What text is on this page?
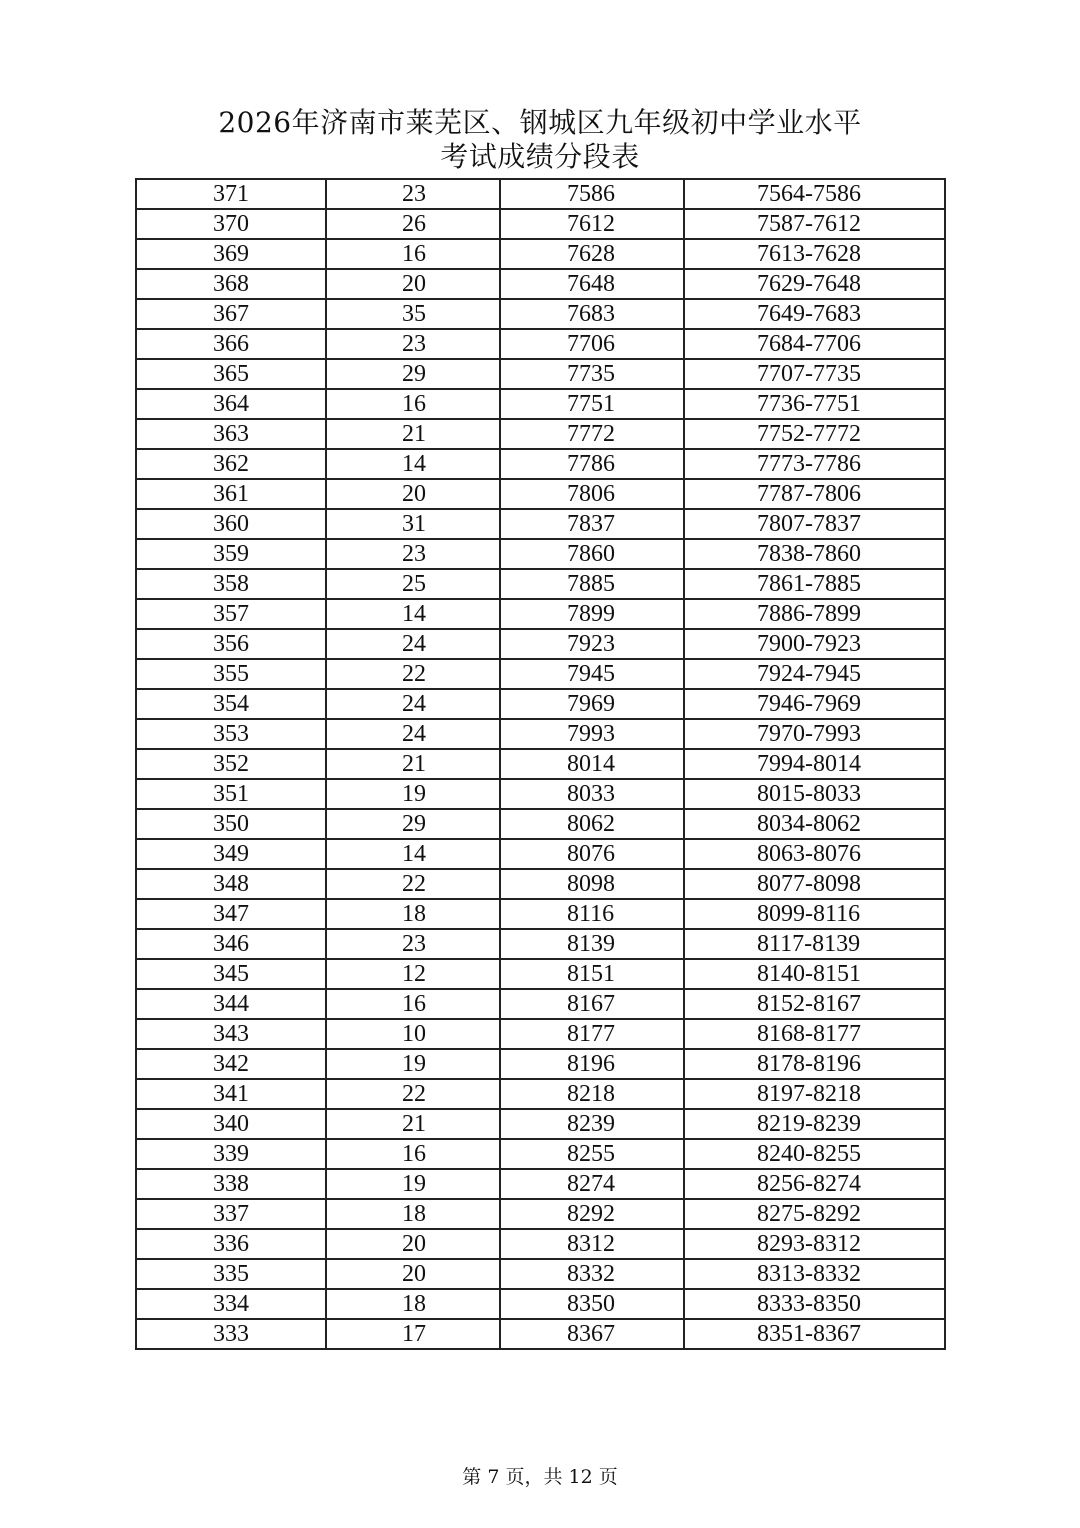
2026年济南市莱芜区、钢城区九年级初中学业水平
考试成绩分段表
371	23	7586	7564-7586
370	26	7612	7587-7612
369	16	7628	7613-7628
368	20	7648	7629-7648
367	35	7683	7649-7683
366	23	7706	7684-7706
365	29	7735	7707-7735
364	16	7751	7736-7751
363	21	7772	7752-7772
362	14	7786	7773-7786
361	20	7806	7787-7806
360	31	7837	7807-7837
359	23	7860	7838-7860
358	25	7885	7861-7885
357	14	7899	7886-7899
356	24	7923	7900-7923
355	22	7945	7924-7945
354	24	7969	7946-7969
353	24	7993	7970-7993
352	21	8014	7994-8014
351	19	8033	8015-8033
350	29	8062	8034-8062
349	14	8076	8063-8076
348	22	8098	8077-8098
347	18	8116	8099-8116
346	23	8139	8117-8139
345	12	8151	8140-8151
344	16	8167	8152-8167
343	10	8177	8168-8177
342	19	8196	8178-8196
341	22	8218	8197-8218
340	21	8239	8219-8239
339	16	8255	8240-8255
338	19	8274	8256-8274
337	18	8292	8275-8292
336	20	8312	8293-8312
335	20	8332	8313-8332
334	18	8350	8333-8350
333	17	8367	8351-8367
第 7 页，共 12 页
